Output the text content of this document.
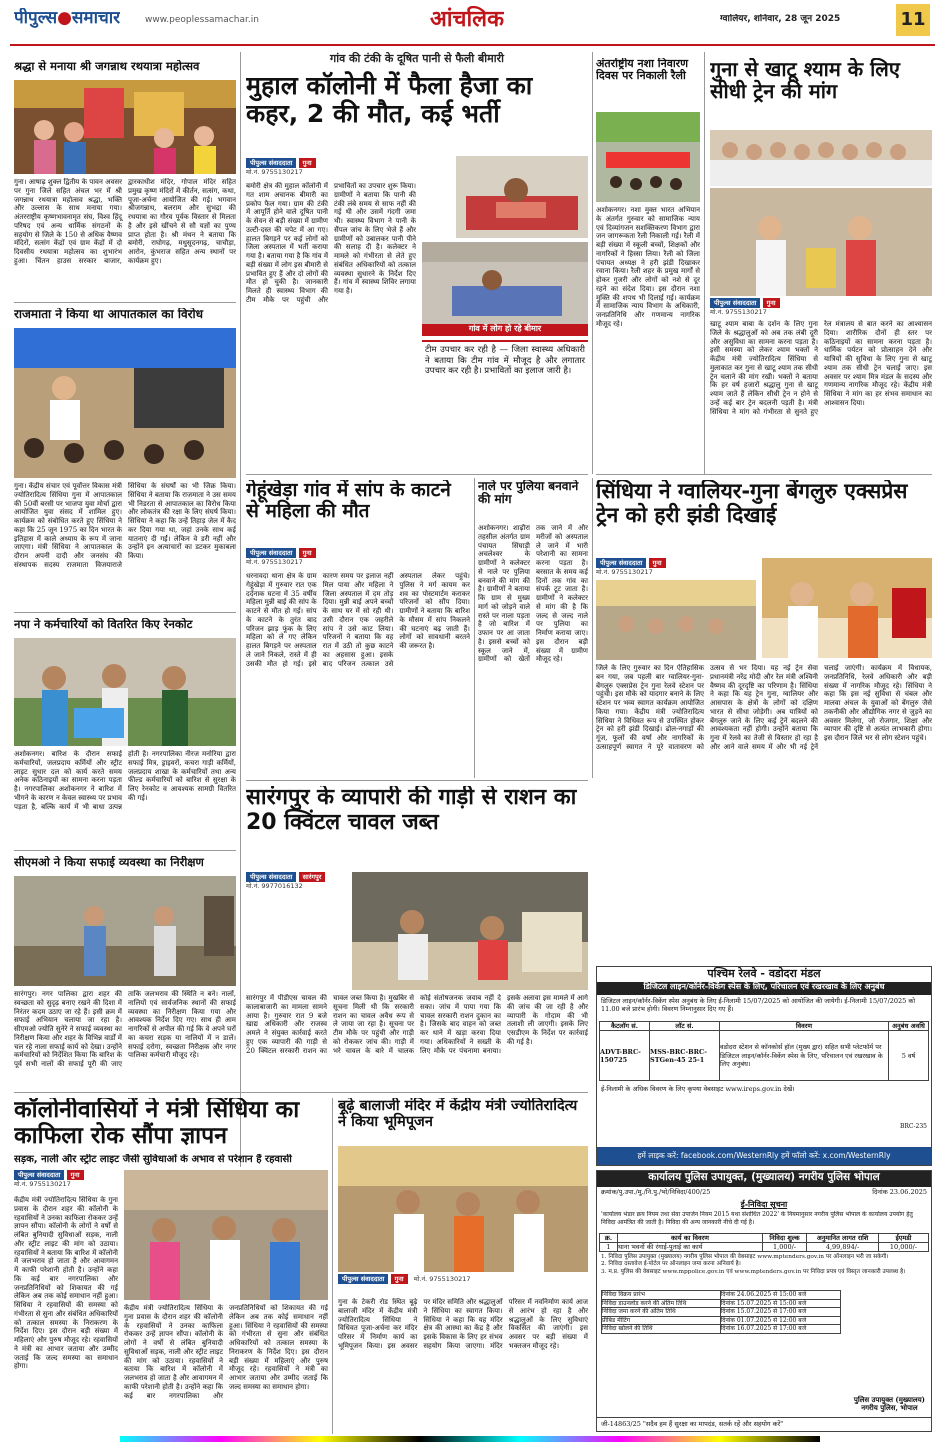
पीपुल्स●समाचार	www.peoplessamachar.in	आंचलिक	ग्वालियर, शनिवार, 28 जून 2025	11
श्रद्धा से मनाया श्री जगन्नाथ रथयात्रा महोत्सव
गुना। आषाढ़ शुक्ल द्वितीय के पावन अवसर पर गुना जिले सहित अंचल भर में श्री जगन्नाथ रथयात्रा महोत्सव श्रद्धा, भक्ति और उल्लास के साथ मनाया गया। अंतरराष्ट्रीय कृष्णभावनामृत संघ, विश्व हिंदू परिषद एवं अन्य धार्मिक संगठनों के सहयोग से जिले के 150 से अधिक वैष्णव मंदिरों, सत्संग केंद्रों एवं ग्राम केंद्रों में दो दिवसीय रथयात्रा महोत्सव का शुभारंभ हुआ। चिंतन हाउस सरकार बाजार, द्वारकाधीश मंदिर, गोपाल मंदिर सहित प्रमुख कृष्ण मंदिरों में कीर्तन, सत्संग, कथा, पूजा-अर्चना आयोजित की गई। भगवान श्रीजगन्नाथ, बलराम और सुभद्रा की रथयात्रा का गौरव पूर्वक विस्तार से मिलता है और इसे खींचने से सौ यज्ञों का पुण्य प्राप्त होता है। श्री मंथन ने बताया कि बमोरी, राघोगढ़, मधुसूदनगढ़, चाचौड़ा, आरोन, कुंभराज सहित अन्य स्थानों पर कार्यक्रम हुए।
राजमाता ने किया था आपातकाल का विरोध
गुना। केंद्रीय संचार एवं पूर्वोत्तर विकास मंत्री ज्योतिरादित्य सिंधिया गुना में आपातकाल की 50वीं बरसी पर भाजपा युवा मोर्चा द्वारा आयोजित युवा संसद में शामिल हुए। कार्यक्रम को संबोधित करते हुए सिंधिया ने कहा कि 25 जून 1975 का दिन भारत के इतिहास में काले अध्याय के रूप में जाना जाएगा। मंत्री सिंधिया ने आपातकाल के दौरान अपनी दादी और जनसंघ की संस्थापक सदस्य राजमाता विजयाराजे सिंधिया के संघर्षों का भी जिक्र किया। सिंधिया ने बताया कि राजमाता ने उस समय भी निडरता से आपातकाल का विरोध किया और लोकतंत्र की रक्षा के लिए संघर्ष किया। सिंधिया ने कहा कि उन्हें तिहाड़ जेल में कैद कर दिया गया था, जहां उनके साथ कई यातनाएं दी गईं। लेकिन वे डरी नहीं और उन्होंने इन अत्याचारों का डटकर मुकाबला किया।
नपा ने कर्मचारियों को वितरित किए रेनकोट
अशोकनगर। बारिश के दौरान सफाई कर्मचारियों, जलप्रदाय कर्मियों और स्ट्रीट लाइट सुधार दल को कार्य करते समय अनेक कठिनाइयों का सामना करना पड़ता है। नगरपालिका अशोकनगर ने बारिश में भीगने के कारण न केवल स्वास्थ्य पर प्रभाव पड़ता है, बल्कि कार्य में भी बाधा उत्पन्न होती है। नगरपालिका नीरज मनोरिया द्वारा सफाई मित्र, ड्राइवरों, कचरा गाड़ी कर्मियों, जलप्रदाय शाखा के कर्मचारियों तथा अन्य फील्ड कर्मचारियों को बारिश से सुरक्षा के लिए रेनकोट व आवश्यक सामग्री वितरित की गई।
सीएमओ ने किया सफाई व्यवस्था का निरीक्षण
सारंगपुर। नगर पालिका द्वारा शहर की स्वच्छता को सुदृढ़ बनाए रखने की दिशा में निरंतर कदम उठाए जा रहे हैं। इसी क्रम में सफाई अभियान चलाया जा रहा है। सीएमओ ज्योति सुनेरे ने सफाई व्यवस्था का निरीक्षण किया और शहर के विभिन्न वार्डों में चल रहे नाला सफाई कार्य को देखा। उन्होंने कर्मचारियों को निर्देशित किया कि बारिश के पूर्व सभी नालों की सफाई पूरी की जाए ताकि जलभराव की स्थिति न बने। नालों, नालियों एवं सार्वजनिक स्थानों की सफाई व्यवस्था का निरीक्षण किया गया और आवश्यक निर्देश दिए गए। साथ ही आम नागरिकों से अपील की गई कि वे अपने घरों का कचरा सड़क या नालियों में न डालें। सफाई दरोगा, स्वच्छता निरीक्षक और नगर पालिका कर्मचारी मौजूद रहे।
गांव की टंकी के दूषित पानी से फैली बीमारी
मुहाल कॉलोनी में फैला हैजा का कहर, 2 की मौत, कई भर्ती
पीपुल्स संवाददाता गुना
मो.नं. 9755130217
बमोरी क्षेत्र की मुहाल कॉलोनी में गत शाम अचानक बीमारी का प्रकोप फैल गया। ग्राम की टंकी में आपूर्ति होने वाले दूषित पानी के सेवन से बड़ी संख्या में ग्रामीण उल्टी-दस्त की चपेट में आ गए। हालत बिगड़ने पर कई लोगों को जिला अस्पताल में भर्ती कराया गया है। बताया गया है कि गांव में बड़ी संख्या में लोग इस बीमारी से प्रभावित हुए हैं और दो लोगों की मौत हो चुकी है। जानकारी मिलते ही स्वास्थ्य विभाग की टीम मौके पर पहुंची और प्रभावितों का उपचार शुरू किया। ग्रामीणों ने बताया कि पानी की टंकी लंबे समय से साफ नहीं की गई थी और उसमें गंदगी जमा थी। स्वास्थ्य विभाग ने पानी के सैंपल जांच के लिए भेजे हैं और ग्रामीणों को उबालकर पानी पीने की सलाह दी है। कलेक्टर ने मामले को गंभीरता से लेते हुए संबंधित अधिकारियों को तत्काल व्यवस्था सुधारने के निर्देश दिए हैं। गांव में स्वास्थ्य शिविर लगाया गया है।
गांव में लोग हो रहे बीमार
टीम उपचार कर रही है — जिला स्वास्थ्य अधिकारी ने बताया कि टीम गांव में मौजूद है और लगातार उपचार कर रही है। प्रभावितों का इलाज जारी है।
अंतर्राष्ट्रीय नशा निवारण दिवस पर निकाली रैली
अशोकनगर। नशा मुक्त भारत अभियान के अंतर्गत गुरुवार को सामाजिक न्याय एवं दिव्यांगजन सशक्तिकरण विभाग द्वारा जन जागरूकता रैली निकाली गई। रैली में बड़ी संख्या में स्कूली बच्चों, शिक्षकों और नागरिकों ने हिस्सा लिया। रैली को जिला पंचायत अध्यक्ष ने हरी झंडी दिखाकर रवाना किया। रैली शहर के प्रमुख मार्गों से होकर गुजरी और लोगों को नशे से दूर रहने का संदेश दिया। इस दौरान नशा मुक्ति की शपथ भी दिलाई गई। कार्यक्रम में सामाजिक न्याय विभाग के अधिकारी, जनप्रतिनिधि और गणमान्य नागरिक मौजूद रहे।
गुना से खाटू श्याम के लिए सीधी ट्रेन की मांग
पीपुल्स संवाददाता गुना
मो.नं. 9755130217
खाटू श्याम बाबा के दर्शन के लिए गुना जिले के श्रद्धालुओं को अब तक लंबी दूरी और असुविधा का सामना करना पड़ता है। इसी समस्या को लेकर श्याम भक्तों ने केंद्रीय मंत्री ज्योतिरादित्य सिंधिया से मुलाकात कर गुना से खाटू श्याम तक सीधी ट्रेन चलाने की मांग रखी। भक्तों ने बताया कि हर वर्ष हजारों श्रद्धालु गुना से खाटू श्याम जाते हैं लेकिन सीधी ट्रेन न होने से उन्हें कई बार ट्रेन बदलनी पड़ती है। मंत्री सिंधिया ने मांग को गंभीरता से सुनते हुए रेल मंत्रालय से बात करने का आश्वासन दिया। शारीरिक दौनों ही स्तर पर कठिनाइयों का सामना करना पड़ता है। धार्मिक पर्यटन को प्रोत्साहन देने और यात्रियों की सुविधा के लिए गुना से खाटू श्याम तक सीधी ट्रेन चलाई जाए। इस अवसर पर श्याम मित्र मंडल के सदस्य और गणमान्य नागरिक मौजूद रहे। केंद्रीय मंत्री सिंधिया ने मांग का हर संभव समाधान का आश्वासन दिया।
गेहूंखेड़ा गांव में सांप के काटने से महिला की मौत
पीपुल्स संवाददाता गुना
मो.नं. 9755130217
धरनावदा थाना क्षेत्र के ग्राम गेहूंखेड़ा में गुरुवार रात एक दर्दनाक घटना में 35 वर्षीय महिला मुन्नी बाई की सांप के काटने से मौत हो गई। सांप के काटने के तुरंत बाद परिजन झाड़ फूंक के लिए महिला को ले गए लेकिन हालत बिगड़ने पर अस्पताल ले जाने निकले, रास्ते में ही उसकी मौत हो गई। इसे कारण समय पर इलाज नहीं मिल पाया और महिला ने जिला अस्पताल में दम तोड़ दिया। मुन्नी बाई अपने बच्चों के साथ घर में सो रही थी। उसी दौरान एक जहरीले सांप ने उसे काट लिया। परिजनों ने बताया कि वह रात में उठी तो कुछ काटने का अहसास हुआ। इसके बाद परिजन तत्काल उसे अस्पताल लेकर पहुंचे। पुलिस ने मर्ग कायम कर शव का पोस्टमार्टम कराकर परिजनों को सौंप दिया। ग्रामीणों ने बताया कि बारिश के मौसम में सांप निकलने की घटनाएं बढ़ जाती हैं। लोगों को सावधानी बरतने की जरूरत है।
नाले पर पुलिया बनवाने की मांग
अशोकनगर। शाढ़ौरा तहसील अंतर्गत ग्राम पंचायत सिंघाड़ी अचलेश्वर के ग्रामीणों ने कलेक्टर से नाले पर पुलिया बनवाने की मांग की है। ग्रामीणों ने बताया कि ग्राम से मुख्य मार्ग को जोड़ने वाले रास्ते पर नाला पड़ता है जो बारिश में उफान पर आ जाता है। इससे बच्चों को स्कूल जाने में, ग्रामीणों को खेतों तक जाने में और मरीजों को अस्पताल ले जाने में भारी परेशानी का सामना करना पड़ता है। बरसात के समय कई दिनों तक गांव का संपर्क टूट जाता है। ग्रामीणों ने कलेक्टर से मांग की है कि जल्द से जल्द नाले पर पुलिया का निर्माण कराया जाए। इस दौरान बड़ी संख्या में ग्रामीण मौजूद रहे।
सिंधिया ने ग्वालियर-गुना बेंगलुरु एक्सप्रेस ट्रेन को हरी झंडी दिखाई
पीपुल्स संवाददाता गुना
मो.नं. 9755130217
जिले के लिए गुरुवार का दिन ऐतिहासिक बन गया, जब पहली बार ग्वालियर-गुना-बेंगलुरु एक्सप्रेस ट्रेन गुना रेलवे स्टेशन पर पहुंची। इस मौके को यादगार बनाने के लिए स्टेशन पर भव्य स्वागत कार्यक्रम आयोजित किया गया। केंद्रीय मंत्री ज्योतिरादित्य सिंधिया ने विधिवत रूप से उपस्थित होकर ट्रेन को हरी झंडी दिखाई। ढोल-नगाड़ों की गूंज, फूलों की वर्षा और नागरिकों के उत्साहपूर्ण स्वागत ने पूरे वातावरण को उत्सव से भर दिया। यह नई ट्रेन सेवा प्रधानमंत्री नरेंद्र मोदी और रेल मंत्री अश्विनी वैष्णव की दूरदृष्टि का परिणाम है। सिंधिया ने कहा कि यह ट्रेन गुना, ग्वालियर और आसपास के क्षेत्रों के लोगों को दक्षिण भारत से सीधा जोड़ेगी। अब यात्रियों को बेंगलुरु जाने के लिए कई ट्रेनें बदलने की आवश्यकता नहीं होगी। उन्होंने बताया कि गुना में रेलवे का तेजी से विस्तार हो रहा है और आने वाले समय में और भी नई ट्रेनें चलाई जाएंगी। कार्यक्रम में विधायक, जनप्रतिनिधि, रेलवे अधिकारी और बड़ी संख्या में नागरिक मौजूद रहे। सिंधिया ने कहा कि इस नई सुविधा से चंबल और मालवा अंचल के युवाओं को बेंगलुरु जैसे तकनीकी और औद्योगिक नगर से जुड़ने का अवसर मिलेगा, जो रोजगार, शिक्षा और व्यापार की दृष्टि से अत्यंत लाभकारी होगा। इस दौरान जिले भर से लोग स्टेशन पहुंचे।
सारंगपुर के व्यापारी की गाड़ी से राशन का 20 क्विंटल चावल जब्त
पीपुल्स संवाददाता सारंगपुर
मो.नं. 9977016132
सारंगपुर में पीडीएस चावल की कालाबाजारी का मामला सामने आया है। गुरुवार रात 9 बजे खाद्य अधिकारी और राजस्व अमले ने संयुक्त कार्रवाई करते हुए एक व्यापारी की गाड़ी से 20 क्विंटल सरकारी राशन का चावल जब्त किया है। मुखबिर से सूचना मिली थी कि सरकारी राशन का चावल अवैध रूप से ले जाया जा रहा है। सूचना पर टीम मौके पर पहुंची और गाड़ी को रोककर जांच की। गाड़ी में भरे चावल के बारे में चालक कोई संतोषजनक जवाब नहीं दे सका। जांच में पाया गया कि चावल सरकारी राशन दुकान का है। जिसके बाद वाहन को जब्त कर थाने में खड़ा करवा दिया गया। अधिकारियों ने सख्ती के लिए मौके पर पंचनामा बनाया। इसके अलावा इस मामले में आगे की जांच की जा रही है और व्यापारी के गोदाम की भी तलाशी ली जाएगी। इसके लिए एसडीएम के निर्देश पर कार्रवाई की गई है।
पश्चिम रेलवे - वडोदरा मंडल
डिजिटल लाइन/कॉर्नर-विकेंग स्पेस के लिए, परिचालन एवं रखरखाव के लिए अनुबंध
डिजिटल लाइन/कॉर्नर-विकेंग स्पेस अनुबंध के लिए ई-निलामी 15/07/2025 को आयोजित की जायेगी। ई-निलामी 15/07/2025 को 11.00 बजे प्रारंभ होगी। विवरण निम्नानुसार दिए गए हैं।
कैटलॉग सं.	लॉट सं.	विवरण	अनुबंध अवधि
ADVT-BRC-150725	MSS-BRC-BRC-STGen-45 25-1	वडोदरा स्टेशन से कॉनकोर्स हॉल (मुख्य द्वार) सहित सभी प्लेटफॉर्म पर डिजिटल लाइन/कॉर्नर-विकेंग स्पेस के लिए, परिचालन एवं रखरखाव के लिए अनुबंध।	5 वर्ष
ई-निलामी के अधिक विवरण के लिए कृपया वेबसाइट www.ireps.gov.in देखें।
BRC-235
हमें लाइक करें: facebook.com/WesternRly हमें फॉलो करें: x.com/WesternRly
कार्यालय पुलिस उपायुक्त, (मुख्यालय) नगरीय पुलिस भोपाल
क्रमांक/पु.उपा./मु./नि.पु./भो/निविदा/400/25	दिनांक 23.06.2025
ई-निविदा सूचना
'कार्यालय भंडार क्रय नियम तथा सेवा उपार्जन नियम 2015 यथा संशोधित 2022' के नियमानुसार नगरीय पुलिस भोपाल के कार्यालय उपयोग हेतु निविदा आमंत्रित की जाती है। निविदा की अन्य जानकारी नीचे दी गई है।
क्र.	कार्य का विवरण	निविदा शुल्क	अनुमानित लागत राशि	ईएमडी
1	थाना भवनों की रंगाई-पुताई का कार्य	1,000/-	4,99,894/-	10,000/-
1. निविदा पुलिस उपायुक्त (मुख्यालय) नगरीय पुलिस भोपाल की वेबसाइट www.mptenders.gov.in पर ऑनलाइन भरी जा सकेगी।
2. निविदा दस्तावेज ई-पोर्टल पर ऑनलाइन जमा करना अनिवार्य है।
3. म.प्र. पुलिस की वेबसाइट www.mppolice.gov.in एवं www.mptenders.gov.in पर निविदा प्रपत्र एवं विस्तृत जानकारी उपलब्ध है।
निविदा विक्रय प्रारंभ	दिनांक 24.06.2025 से 15:00 बजे
निविदा डाउनलोड करने की अंतिम तिथि	दिनांक 15.07.2025 से 15:00 बजे
निविदा जमा करने की अंतिम तिथि	दिनांक 15.07.2025 से 17:00 बजे
प्रीबिड मीटिंग	दिनांक 01.07.2025 से 12:00 बजे
निविदा खोलने की तिथि	दिनांक 16.07.2025 से 17:00 बजे
पुलिस उपायुक्त (मुख्यालय)
नगरीय पुलिस, भोपाल
जी-14863/25 "सदैव हम हैं सुरक्षा का मापदंड, सतर्क रहें और सहयोग करें"
कॉलोनीवासियों ने मंत्री सिंधिया का काफिला रोक सौंपा ज्ञापन
सड़क, नाली और स्ट्रीट लाइट जैसी सुविधाओं के अभाव से परेशान हैं रहवासी
पीपुल्स संवाददाता गुना
मो.नं. 9755130217
केंद्रीय मंत्री ज्योतिरादित्य सिंधिया के गुना प्रवास के दौरान शहर की कॉलोनी के रहवासियों ने उनका काफिला रोककर उन्हें ज्ञापन सौंपा। कॉलोनी के लोगों ने वर्षों से लंबित बुनियादी सुविधाओं सड़क, नाली और स्ट्रीट लाइट की मांग को उठाया। रहवासियों ने बताया कि बारिश में कॉलोनी में जलभराव हो जाता है और आवागमन में काफी परेशानी होती है। उन्होंने कहा कि कई बार नगरपालिका और जनप्रतिनिधियों को शिकायत की गई लेकिन अब तक कोई समाधान नहीं हुआ। सिंधिया ने रहवासियों की समस्या को गंभीरता से सुना और संबंधित अधिकारियों को तत्काल समस्या के निराकरण के निर्देश दिए। इस दौरान बड़ी संख्या में महिलाएं और पुरुष मौजूद रहे। रहवासियों ने मंत्री का आभार जताया और उम्मीद जताई कि जल्द समस्या का समाधान होगा।
केंद्रीय मंत्री ज्योतिरादित्य सिंधिया के गुना प्रवास के दौरान शहर की कॉलोनी के रहवासियों ने उनका काफिला रोककर उन्हें ज्ञापन सौंपा। कॉलोनी के लोगों ने वर्षों से लंबित बुनियादी सुविधाओं सड़क, नाली और स्ट्रीट लाइट की मांग को उठाया। रहवासियों ने बताया कि बारिश में कॉलोनी में जलभराव हो जाता है और आवागमन में काफी परेशानी होती है। उन्होंने कहा कि कई बार नगरपालिका और जनप्रतिनिधियों को शिकायत की गई लेकिन अब तक कोई समाधान नहीं हुआ। सिंधिया ने रहवासियों की समस्या को गंभीरता से सुना और संबंधित अधिकारियों को तत्काल समस्या के निराकरण के निर्देश दिए। इस दौरान बड़ी संख्या में महिलाएं और पुरुष मौजूद रहे। रहवासियों ने मंत्री का आभार जताया और उम्मीद जताई कि जल्द समस्या का समाधान होगा।
बूढ़े बालाजी मंदिर में केंद्रीय मंत्री ज्योतिरादित्य ने किया भूमिपूजन
पीपुल्स संवाददाता गुना मो.नं. 9755130217
गुना के टेकरी रोड स्थित बूढ़े बालाजी मंदिर में केंद्रीय मंत्री ज्योतिरादित्य सिंधिया ने विधिवत पूजा-अर्चना कर मंदिर परिसर में निर्माण कार्य का भूमिपूजन किया। इस अवसर पर मंदिर समिति और श्रद्धालुओं ने सिंधिया का स्वागत किया। सिंधिया ने कहा कि यह मंदिर क्षेत्र की आस्था का केंद्र है और इसके विकास के लिए हर संभव सहयोग किया जाएगा। मंदिर परिसर में नवनिर्माण कार्य आज से आरंभ हो रहा है और श्रद्धालुओं के लिए सुविधाएं विकसित की जाएंगी। इस अवसर पर बड़ी संख्या में भक्तजन मौजूद रहे।
